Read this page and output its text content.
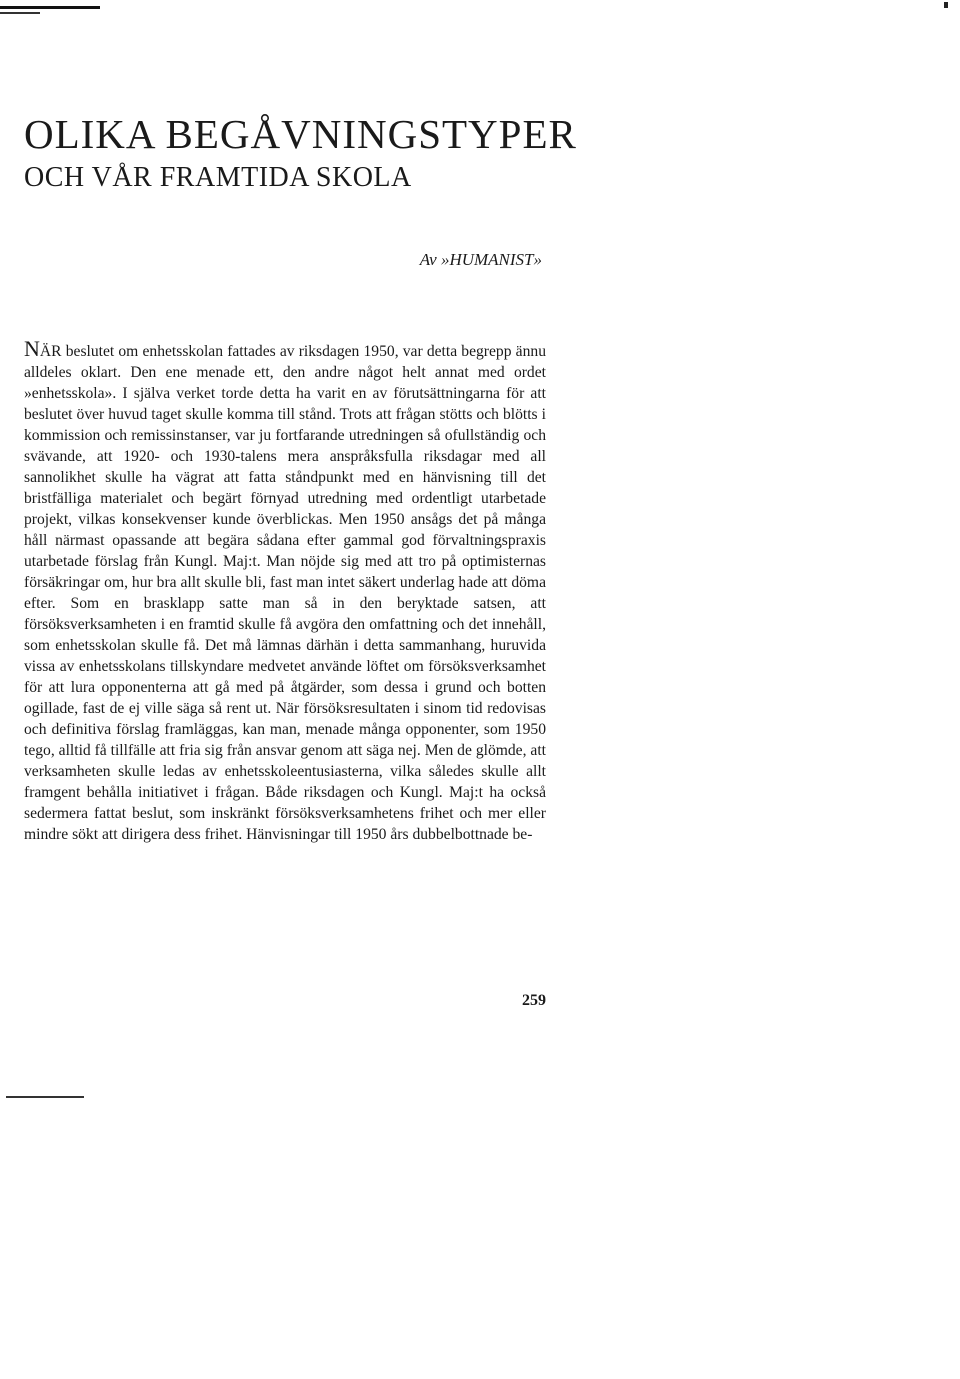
OLIKA BEGÅVNINGSTYPER
OCH VÅR FRAMTIDA SKOLA

Av »HUMANIST»

NÄR beslutet om enhetsskolan fattades av riksdagen 1950, var detta begrepp ännu alldeles oklart. Den ene menade ett, den andre något helt annat med ordet »enhetsskola». I själva verket torde detta ha varit en av förutsättningarna för att beslutet över huvud taget skulle komma till stånd. Trots att frågan stötts och blötts i kommission och remissinstanser, var ju fortfarande utredningen så ofullständig och svävande, att 1920- och 1930-talens mera anspråksfulla riksdagar med all sannolikhet skulle ha vägrat att fatta ståndpunkt med en hänvisning till det bristfälliga materialet och begärt förnyad utredning med ordentligt utarbetade projekt, vilkas konsekvenser kunde överblickas. Men 1950 ansågs det på många håll närmast opassande att begära sådana efter gammal god förvaltningspraxis utarbetade förslag från Kungl. Maj:t. Man nöjde sig med att tro på optimisternas försäkringar om, hur bra allt skulle bli, fast man intet säkert underlag hade att döma efter. Som en brasklapp satte man så in den beryktade satsen, att försöksverksamheten i en framtid skulle få avgöra den omfattning och det innehåll, som enhetsskolan skulle få. Det må lämnas därhän i detta sammanhang, huruvida vissa av enhetsskolans tillskyndare medvetet använde löftet om försöksverksamhet för att lura opponenterna att gå med på åtgärder, som dessa i grund och botten ogillade, fast de ej ville säga så rent ut. När försöksresultaten i sinom tid redovisas och definitiva förslag framläggas, kan man, menade många opponenter, som 1950 tego, alltid få tillfälle att fria sig från ansvar genom att säga nej. Men de glömde, att verksamheten skulle ledas av enhetsskoleentusiasterna, vilka således skulle allt framgent behålla initiativet i frågan. Både riksdagen och Kungl. Maj:t ha också sedermera fattat beslut, som inskränkt försöksverksamhetens frihet och mer eller mindre sökt att dirigera dess frihet. Hänvisningar till 1950 års dubbelbottnade be-

259
